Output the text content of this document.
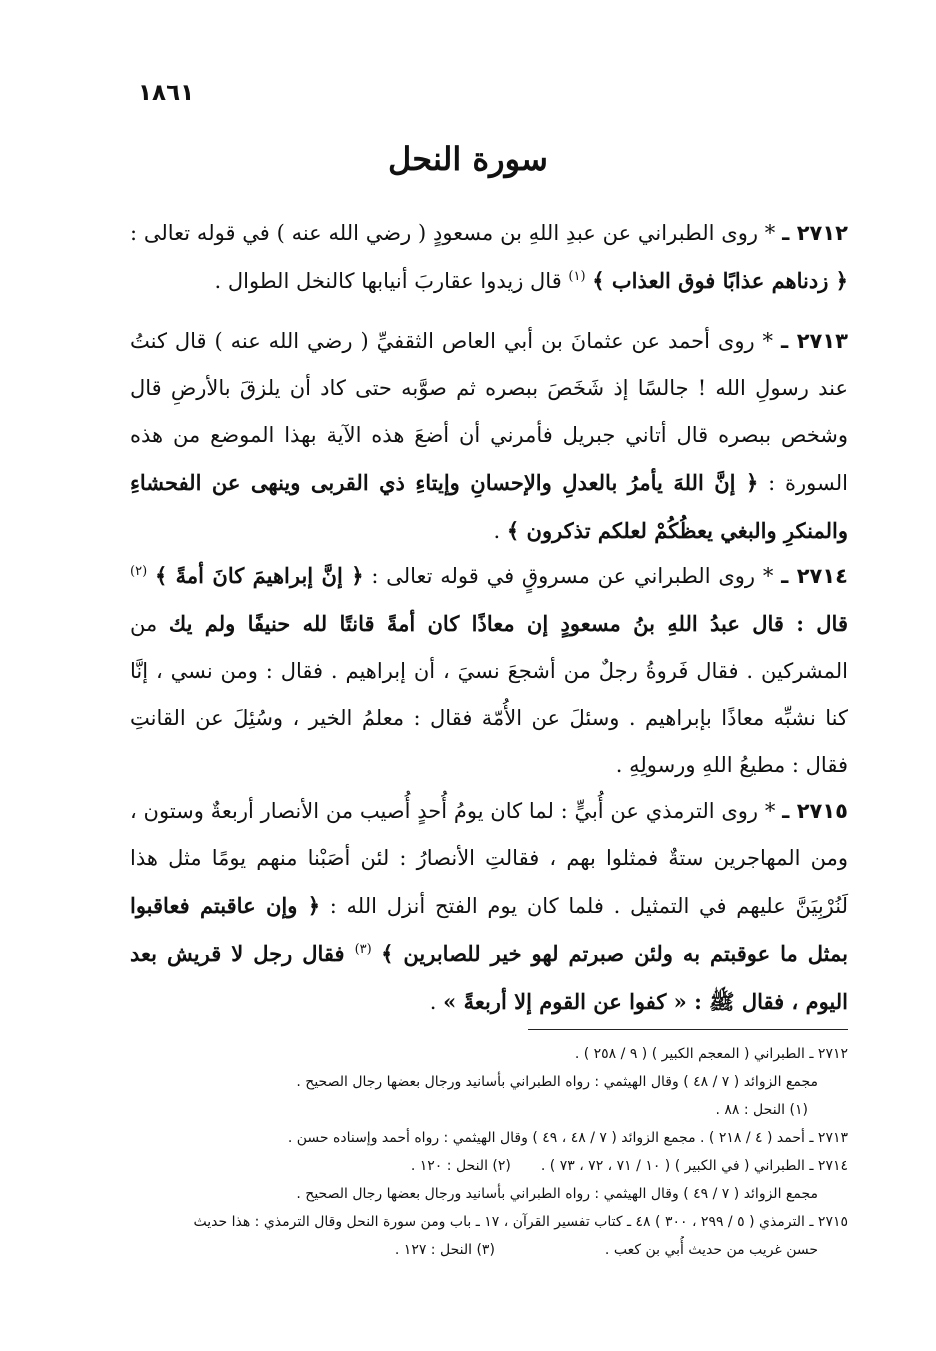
١٨٦١
سورة النحل
٢٧١٢ ـ * روى الطبراني عن عبدِ اللهِ بن مسعودٍ ( رضي الله عنه ) في قوله تعالى : ﴿ زدناهم عذابًا فوق العذاب ﴾ $^{(١)}$ قال زيدوا عقاربَ أنيابها كالنخل الطوال .
٢٧١٣ ـ * روى أحمد عن عثمانَ بن أبي العاص الثقفيِّ ( رضي الله عنه ) قال كنتُ عند رسولِ الله ! جالسًا إذ شَخَصَ ببصره ثم صوَّبه حتى كاد أن يلزقَ بالأرضِ قال وشخص ببصره قال أتاني جبريل فأمرني أن أضعَ هذه الآية بهذا الموضع من هذه السورة : ﴿ إنَّ اللهَ يأمرُ بالعدلِ والإحسانِ وإيتاءِ ذي القربى وينهى عن الفحشاءِ والمنكرِ والبغي يعظُكُمْ لعلكم تذكرون ﴾ .
٢٧١٤ ـ * روى الطبراني عن مسروقٍ في قوله تعالى : ﴿ إنَّ إبراهيمَ كانَ أمةً ﴾ $^{(٢)}$ قال : قال عبدُ اللهِ بنُ مسعودٍ إن معاذًا كان أمةً قانتًا لله حنيفًا ولم يك من المشركين . فقال فَروةُ رجلٌ من أشجعَ نسيَ ، أن إبراهيم . فقال : ومن نسي ، إنَّا كنا نشبِّه معاذًا بإبراهيم . وسئلَ عن الأُمّة فقال : معلمُ الخير ، وسُئِلَ عن القانتِ فقال : مطيعُ اللهِ ورسولِهِ .
٢٧١٥ ـ * روى الترمذي عن أُبيٍّ : لما كان يومُ أُحدٍ أُصيب من الأنصار أربعةٌ وستون ، ومن المهاجرين ستةٌ فمثلوا بهم ، فقالتِ الأنصارُ : لئن أصَبْنا منهم يومًا مثل هذا لَنُرْبِيَنَّ عليهم في التمثيل . فلما كان يوم الفتح أنزل الله : ﴿ وإن عاقبتم فعاقبوا بمثل ما عوقبتم به ولئن صبرتم لهو خير للصابرين ﴾ $^{(٣)}$ فقال رجل لا قريش بعد اليوم ، فقال ﷺ : « كفوا عن القوم إلا أربعةً » .
٢٧١٢ ـ الطبراني ( المعجم الكبير ) ( ٩ / ٢٥٨ ) .
مجمع الزوائد ( ٧ / ٤٨ ) وقال الهيثمي : رواه الطبراني بأسانيد ورجال بعضها رجال الصحيح .
(١) النحل : ٨٨ .
٢٧١٣ ـ أحمد ( ٤ / ٢١٨ ) . مجمع الزوائد ( ٧ / ٤٨ ، ٤٩ ) وقال الهيثمي : رواه أحمد وإسناده حسن .
٢٧١٤ ـ الطبراني ( في الكبير ) ( ١٠ / ٧١ ، ٧٢ ، ٧٣ ) .(٢) النحل : ١٢٠ .
مجمع الزوائد ( ٧ / ٤٩ ) وقال الهيثمي : رواه الطبراني بأسانيد ورجال بعضها رجال الصحيح .
٢٧١٥ ـ الترمذي ( ٥ / ٢٩٩ ، ٣٠٠ ) ٤٨ ـ كتاب تفسير القرآن ، ١٧ ـ باب ومن سورة النحل وقال الترمذي : هذا حديث
حسن غريب من حديث أُبي بن كعب .(٣) النحل : ١٢٧ .
